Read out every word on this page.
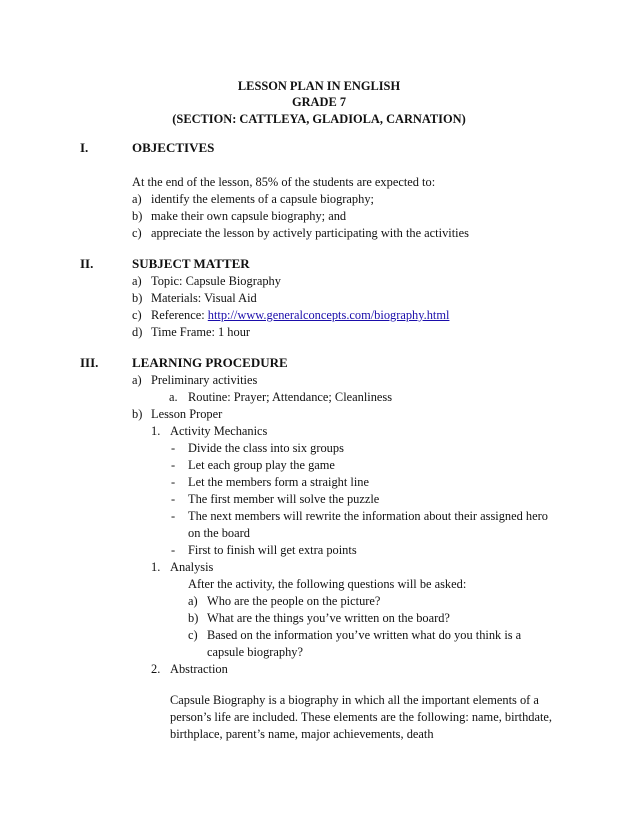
LESSON PLAN IN ENGLISH
GRADE 7
(SECTION: CATTLEYA, GLADIOLA, CARNATION)
I.	OBJECTIVES
At the end of the lesson, 85% of the students are expected to:
a) identify the elements of a capsule biography;
b) make their own capsule biography; and
c) appreciate the lesson by actively participating with the activities
II.	SUBJECT MATTER
a) Topic: Capsule Biography
b) Materials: Visual Aid
c) Reference: http://www.generalconcepts.com/biography.html
d) Time Frame: 1 hour
III.	LEARNING PROCEDURE
a) Preliminary activities
a. Routine: Prayer; Attendance; Cleanliness
b) Lesson Proper
1. Activity Mechanics
- Divide the class into six groups
- Let each group play the game
- Let the members form a straight line
- The first member will solve the puzzle
- The next members will rewrite the information about their assigned hero
on the board
- First to finish will get extra points
1. Analysis
After the activity, the following questions will be asked:
a) Who are the people on the picture?
b) What are the things you’ve written on the board?
c) Based on the information you’ve written what do you think is a
capsule biography?
2. Abstraction
Capsule Biography is a biography in which all the important elements of a
person’s life are included. These elements are the following: name, birthdate,
birthplace, parent’s name, major achievements, death
